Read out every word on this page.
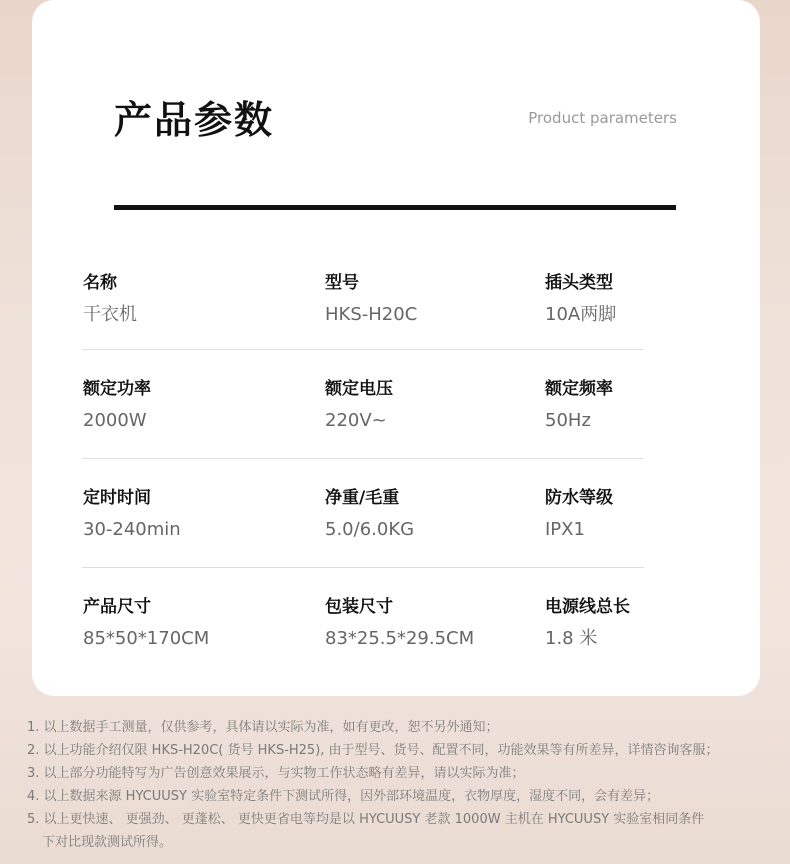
产品参数	Product parameters
名称
干衣机
型号
HKS-H20C
插头类型
10A两脚
额定功率
2000W
额定电压
220V~
额定频率
50Hz
定时时间
30-240min
净重/毛重
5.0/6.0KG
防水等级
IPX1
产品尺寸
85*50*170CM
包装尺寸
83*25.5*29.5CM
电源线总长
1.8 米
1. 以上数据手工测量，仅供参考，具体请以实际为准，如有更改，恕不另外通知；
2. 以上功能介绍仅限 HKS-H20C( 货号 HKS-H25), 由于型号、货号、配置不同，功能效果等有所差异，详情咨询客服；
3. 以上部分功能特写为广告创意效果展示，与实物工作状态略有差异，请以实际为准；
4. 以上数据来源 HYCUUSY 实验室特定条件下测试所得，因外部环境温度，衣物厚度，湿度不同，会有差异；
5. 以上更快速、 更强劲、 更蓬松、 更快更省电等均是以 HYCUUSY 老款 1000W 主机在 HYCUUSY 实验室相同条件
下对比现款测试所得。
